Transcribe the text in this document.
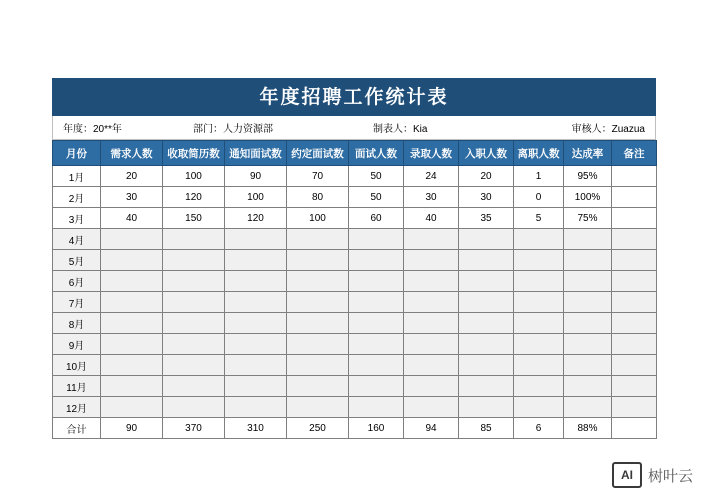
年度招聘工作统计表
年度：20**年	部门：人力资源部	制表人：Kia	审核人：Zuazua
月份	需求人数	收取简历数	通知面试数	约定面试数	面试人数	录取人数	入职人数	离职人数	达成率	备注
1月	20	100	90	70	50	24	20	1	95%	
2月	30	120	100	80	50	30	30	0	100%	
3月	40	150	120	100	60	40	35	5	75%	
4月										
5月										
6月										
7月										
8月										
9月										
10月										
11月										
12月										
合计	90	370	310	250	160	94	85	6	88%	
AI	树叶云
